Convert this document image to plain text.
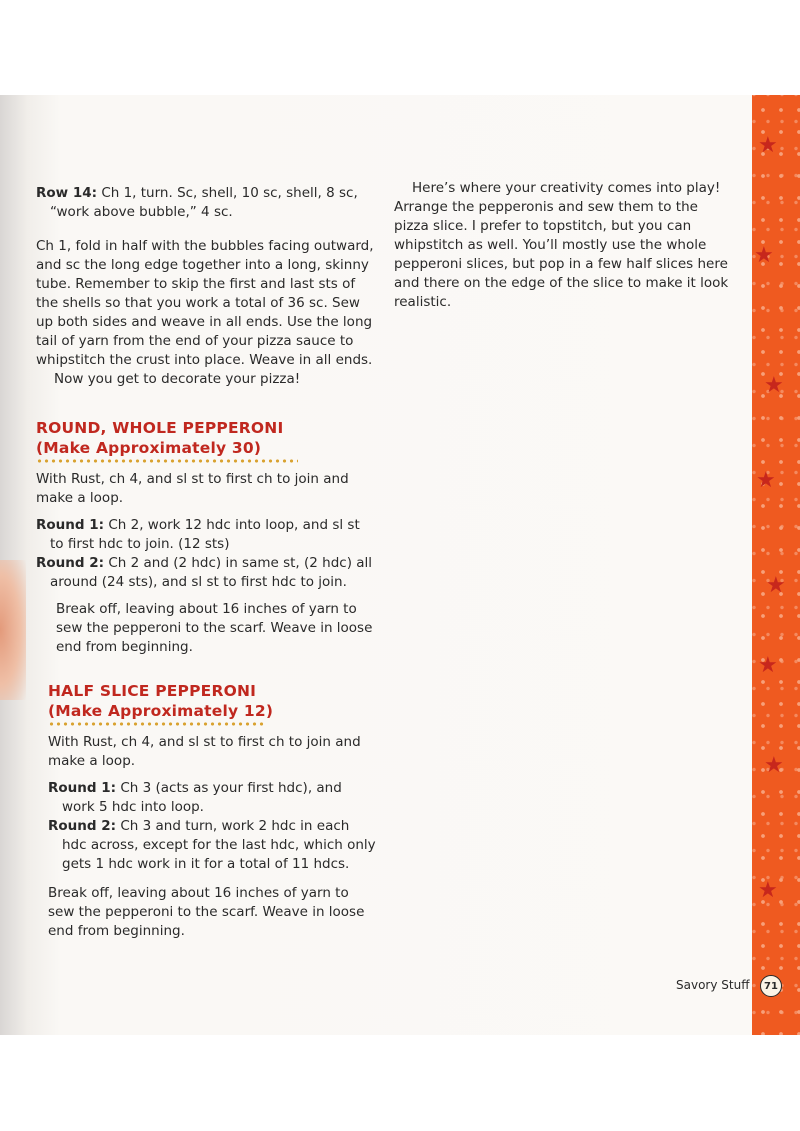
★
★
★
★
★
★
★
★

Row 14: Ch 1, turn. Sc, shell, 10 sc, shell, 8 sc, “work above bubble,” 4 sc.

Ch 1, fold in half with the bubbles facing outward, and sc the long edge together into a long, skinny tube. Remember to skip the first and last sts of the shells so that you work a total of 36 sc. Sew up both sides and weave in all ends. Use the long tail of yarn from the end of your pizza sauce to whipstitch the crust into place. Weave in all ends.

Now you get to decorate your pizza!

ROUND, WHOLE PEPPERONI
(Make Approximately 30)

With Rust, ch 4, and sl st to first ch to join and make a loop.

Round 1: Ch 2, work 12 hdc into loop, and sl st to first hdc to join. (12 sts)

Round 2: Ch 2 and (2 hdc) in same st, (2 hdc) all around (24 sts), and sl st to first hdc to join.

Break off, leaving about 16 inches of yarn to sew the pepperoni to the scarf. Weave in loose end from beginning.

HALF SLICE PEPPERONI
(Make Approximately 12)

With Rust, ch 4, and sl st to first ch to join and make a loop.

Round 1: Ch 3 (acts as your first hdc), and work 5 hdc into loop.

Round 2: Ch 3 and turn, work 2 hdc in each hdc across, except for the last hdc, which only gets 1 hdc work in it for a total of 11 hdcs.

Break off, leaving about 16 inches of yarn to sew the pepperoni to the scarf. Weave in loose end from beginning.

Here’s where your creativity comes into play! Arrange the pepperonis and sew them to the pizza slice. I prefer to topstitch, but you can whipstitch as well. You’ll mostly use the whole pepperoni slices, but pop in a few half slices here and there on the edge of the slice to make it look realistic.

Savory Stuff	71
